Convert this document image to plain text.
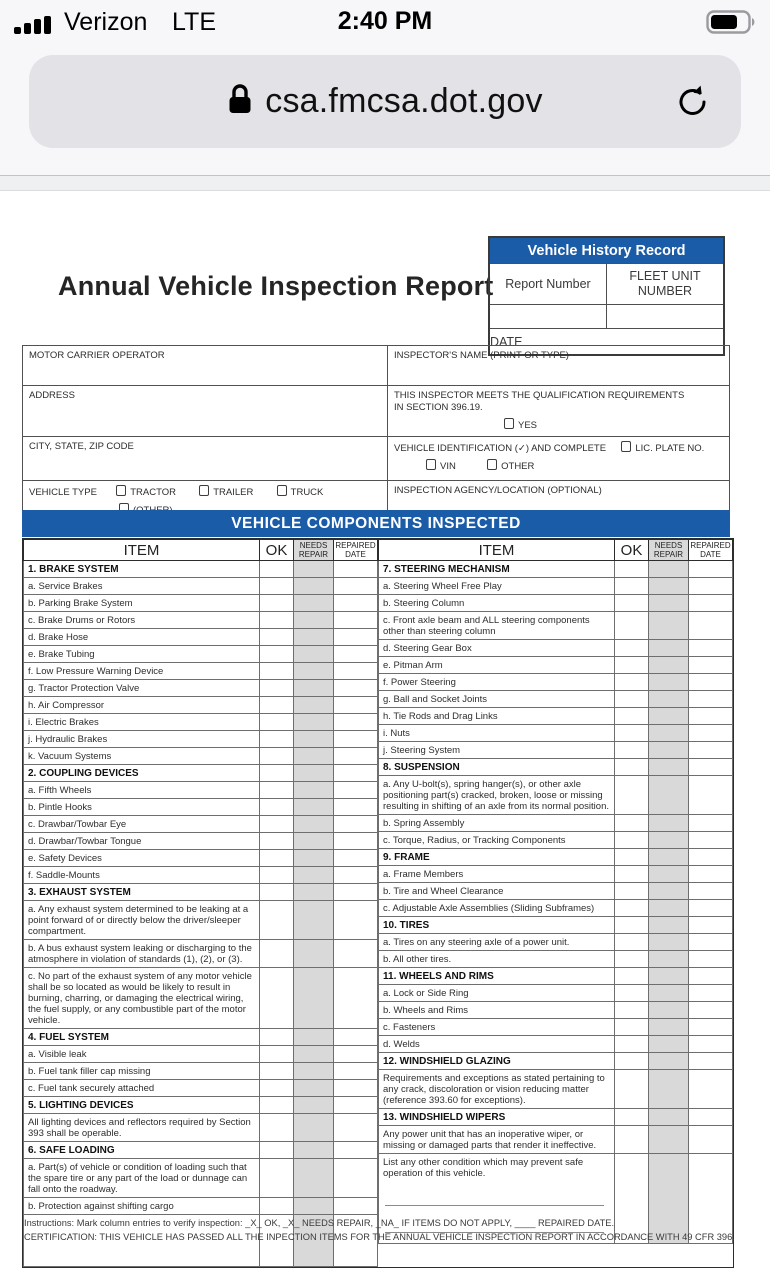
Verizon LTE	2:40 PM
csa.fmcsa.dot.gov
Annual Vehicle Inspection Report
Vehicle History Record	
Report Number	FLEET UNIT NUMBER

DATE	
MOTOR CARRIER OPERATOR	INSPECTOR'S NAME (PRINT OR TYPE)
ADDRESS	THIS INSPECTOR MEETS THE QUALIFICATION REQUIREMENTS
IN SECTION 396.19.
YES

CITY, STATE, ZIP CODE	VEHICLE IDENTIFICATION (✓) AND COMPLETE LIC. PLATE NO.
VIN OTHER

VEHICLE TYPE TRACTOR TRAILER TRUCK	INSPECTION AGENCY/LOCATION (OPTIONAL)
VEHICLE COMPONENTS INSPECTED
ITEM	OK	NEEDS REPAIR	REPAIRED DATE
1. BRAKE SYSTEM			
a. Service Brakes			
b. Parking Brake System			
c. Brake Drums or Rotors			
d. Brake Hose			
e. Brake Tubing			
f. Low Pressure Warning Device			
g. Tractor Protection Valve			
h. Air Compressor			
i. Electric Brakes			
j. Hydraulic Brakes			
k. Vacuum Systems			
2. COUPLING DEVICES			
a. Fifth Wheels			
b. Pintle Hooks			
c. Drawbar/Towbar Eye			
d. Drawbar/Towbar Tongue			
e. Safety Devices			
f. Saddle-Mounts			
3. EXHAUST SYSTEM			
a. Any exhaust system determined to be leaking at a point forward of or directly below the driver/sleeper compartment.			
b. A bus exhaust system leaking or discharging to the atmosphere in violation of standards (1), (2), or (3).			
c. No part of the exhaust system of any motor vehicle shall be so located as would be likely to result in burning, charring, or damaging the electrical wiring, the fuel supply, or any combustible part of the motor vehicle.			
4. FUEL SYSTEM			
a. Visible leak			
b. Fuel tank filler cap missing			
c. Fuel tank securely attached			
5. LIGHTING DEVICES			
All lighting devices and reflectors required by Section 393 shall be operable.			
6. SAFE LOADING			
a. Part(s) of vehicle or condition of loading such that the spare tire or any part of the load or dunnage can fall onto the roadway.			
b. Protection against shifting cargo			

ITEM	OK	NEEDS REPAIR	REPAIRED DATE
7. STEERING MECHANISM			
a. Steering Wheel Free Play			
b. Steering Column			
c. Front axle beam and ALL steering components other than steering column			
d. Steering Gear Box			
e. Pitman Arm			
f. Power Steering			
g. Ball and Socket Joints			
h. Tie Rods and Drag Links			
i. Nuts			
j. Steering System			
8. SUSPENSION			
a. Any U-bolt(s), spring hanger(s), or other axle positioning part(s) cracked, broken, loose or missing resulting in shifting of an axle from its normal position.			
b. Spring Assembly			
c. Torque, Radius, or Tracking Components			
9. FRAME			
a. Frame Members			
b. Tire and Wheel Clearance			
c. Adjustable Axle Assemblies (Sliding Subframes)			
10. TIRES			
a. Tires on any steering axle of a power unit.			
b. All other tires.			
11. WHEELS AND RIMS			
a. Lock or Side Ring			
b. Wheels and Rims			
c. Fasteners			
d. Welds			
12. WINDSHIELD GLAZING			
Requirements and exceptions as stated pertaining to any crack, discoloration or vision reducing matter (reference 393.60 for exceptions).			
13. WINDSHIELD WIPERS			
Any power unit that has an inoperative wiper, or missing or damaged parts that render it ineffective.			
List any other condition which may prevent safe operation of this vehicle.

Instructions: Mark column entries to verify inspection: _X_ OK, _X_ NEEDS REPAIR, _NA_ IF ITEMS DO NOT APPLY, ____ REPAIRED DATE.
CERTIFICATION: THIS VEHICLE HAS PASSED ALL THE INPECTION ITEMS FOR THE ANNUAL VEHICLE INSPECTION REPORT IN ACCORDANCE WITH 49 CFR 396.
